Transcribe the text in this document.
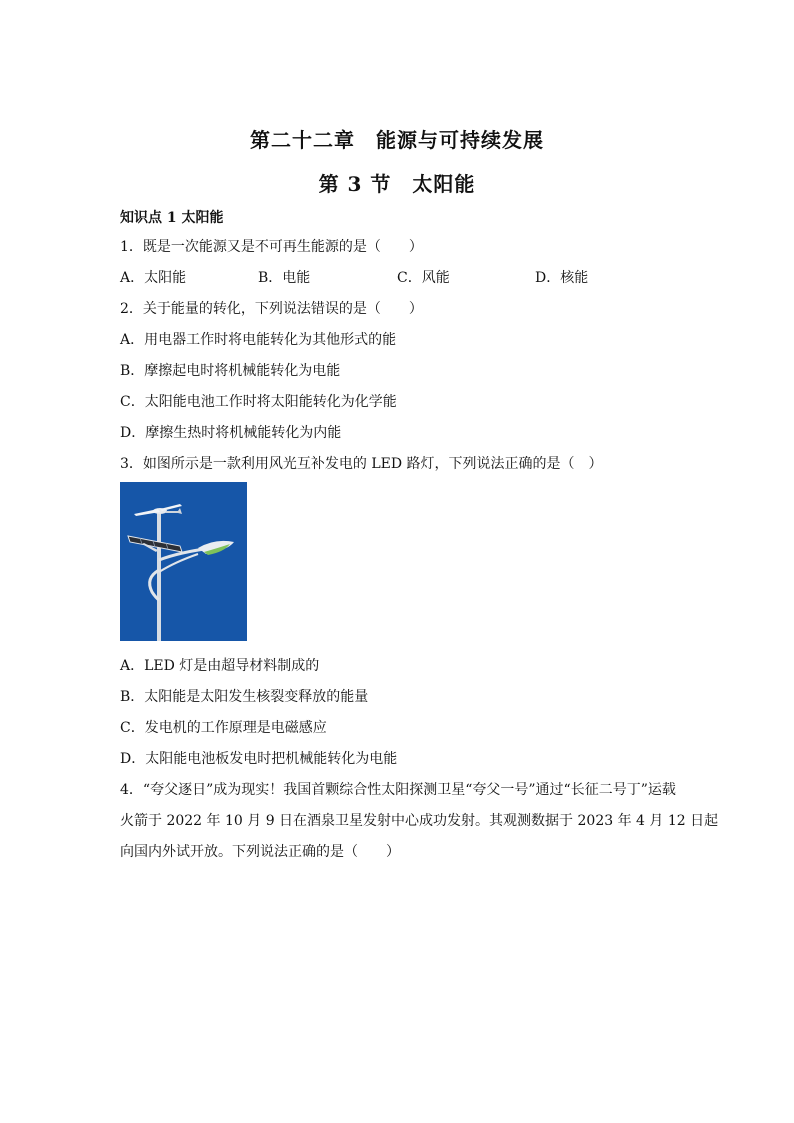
第二十二章　能源与可持续发展
第 3 节　太阳能
知识点 1 太阳能
1．既是一次能源又是不可再生能源的是（　　）
A．太阳能	B．电能	C．风能	D．核能
2．关于能量的转化，下列说法错误的是（　　）
A．用电器工作时将电能转化为其他形式的能
B．摩擦起电时将机械能转化为电能
C．太阳能电池工作时将太阳能转化为化学能
D．摩擦生热时将机械能转化为内能
3．如图所示是一款利用风光互补发电的 LED 路灯，下列说法正确的是（　）
A．LED 灯是由超导材料制成的
B．太阳能是太阳发生核裂变释放的能量
C．发电机的工作原理是电磁感应
D．太阳能电池板发电时把机械能转化为电能
4．“夸父逐日”成为现实！我国首颗综合性太阳探测卫星“夸父一号”通过“长征二号丁”运载
火箭于 2022 年 10 月 9 日在酒泉卫星发射中心成功发射。其观测数据于 2023 年 4 月 12 日起
向国内外试开放。下列说法正确的是（　　）
